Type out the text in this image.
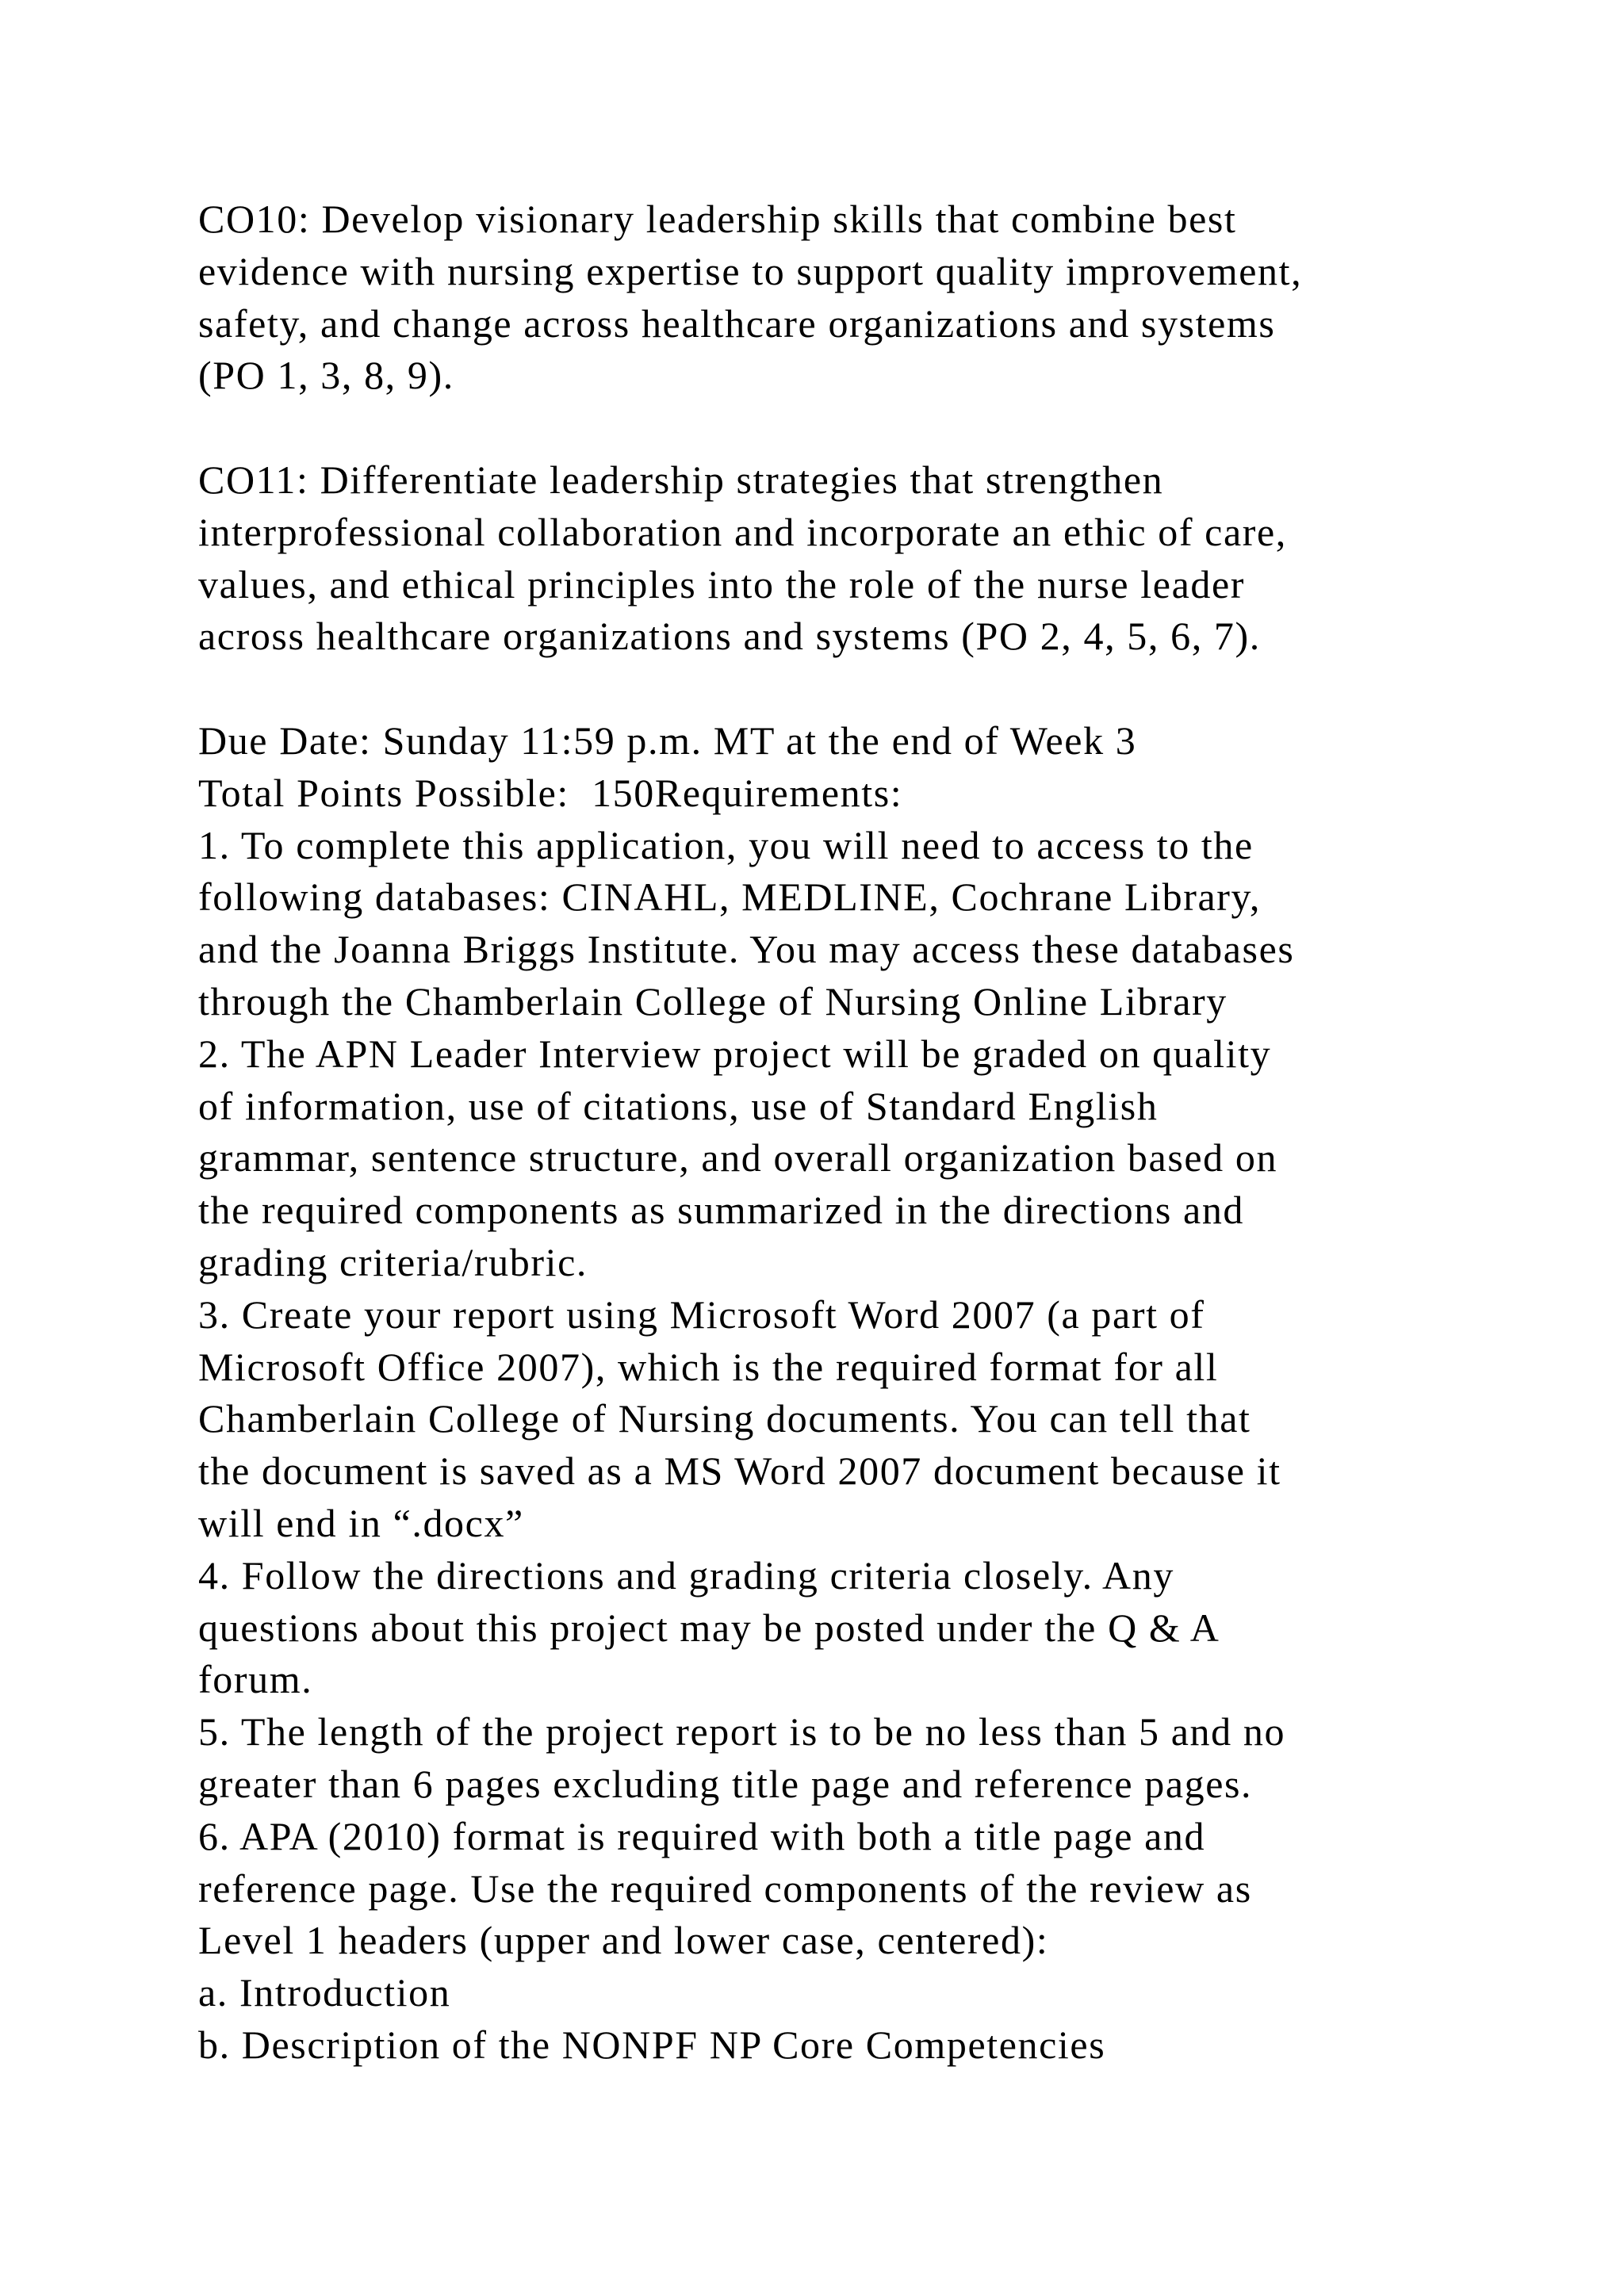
CO10: Develop visionary leadership skills that combine best
evidence with nursing expertise to support quality improvement,
safety, and change across healthcare organizations and systems
(PO 1, 3, 8, 9).
CO11: Differentiate leadership strategies that strengthen
interprofessional collaboration and incorporate an ethic of care,
values, and ethical principles into the role of the nurse leader
across healthcare organizations and systems (PO 2, 4, 5, 6, 7).
Due Date: Sunday 11:59 p.m. MT at the end of Week 3
Total Points Possible:  150Requirements:
1. To complete this application, you will need to access to the
following databases: CINAHL, MEDLINE, Cochrane Library,
and the Joanna Briggs Institute. You may access these databases
through the Chamberlain College of Nursing Online Library
2. The APN Leader Interview project will be graded on quality
of information, use of citations, use of Standard English
grammar, sentence structure, and overall organization based on
the required components as summarized in the directions and
grading criteria/rubric.
3. Create your report using Microsoft Word 2007 (a part of
Microsoft Office 2007), which is the required format for all
Chamberlain College of Nursing documents. You can tell that
the document is saved as a MS Word 2007 document because it
will end in “.docx”
4. Follow the directions and grading criteria closely. Any
questions about this project may be posted under the Q & A
forum.
5. The length of the project report is to be no less than 5 and no
greater than 6 pages excluding title page and reference pages.
6. APA (2010) format is required with both a title page and
reference page. Use the required components of the review as
Level 1 headers (upper and lower case, centered):
a. Introduction
b. Description of the NONPF NP Core Competencies
